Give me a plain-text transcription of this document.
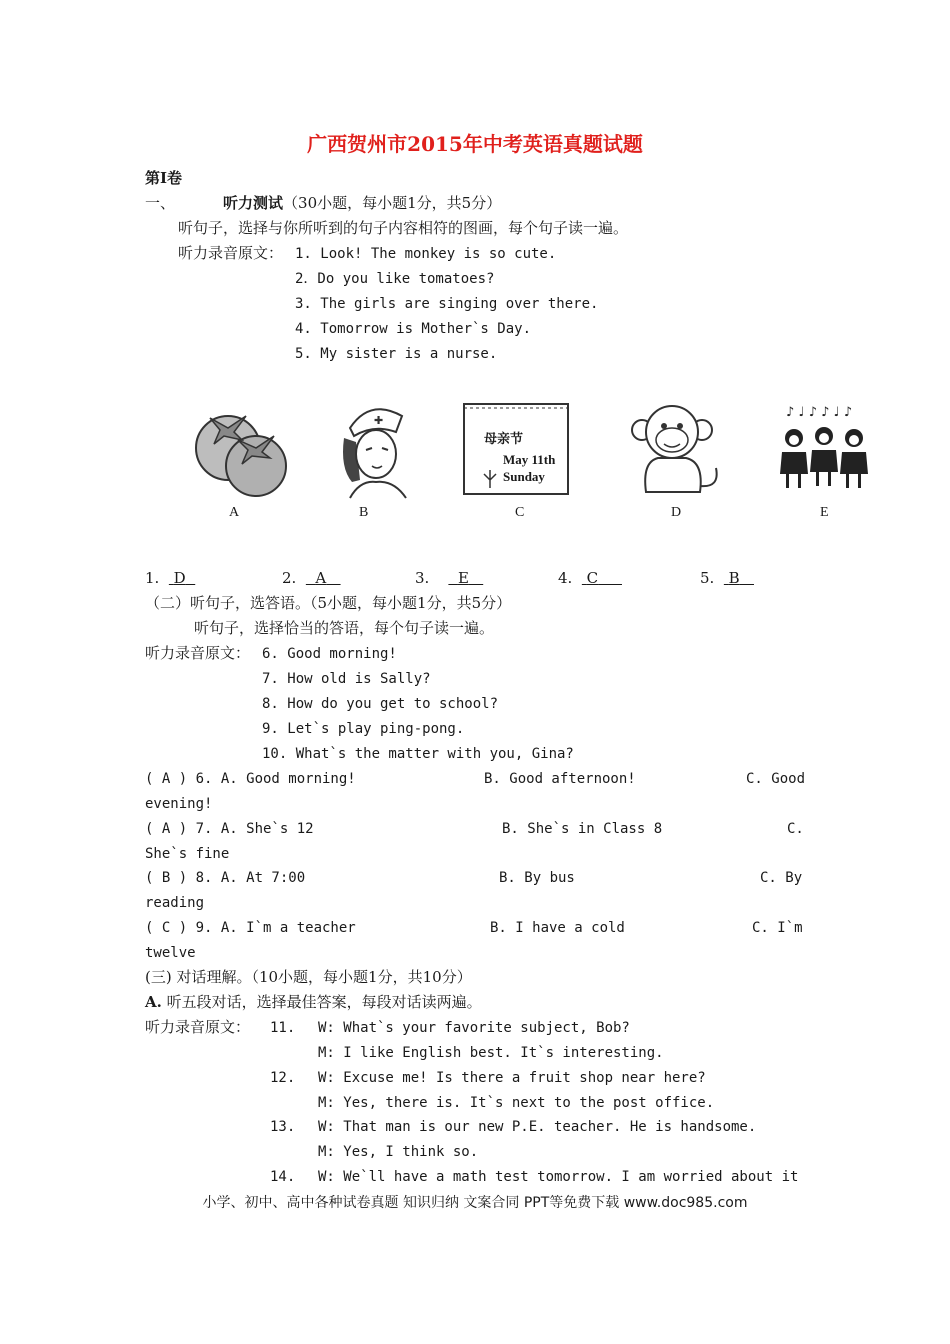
广西贺州市2015年中考英语真题试题
第Ⅰ卷
一、	听力测试（30小题，每小题1分，共5分）
听句子，选择与你所听到的句子内容相符的图画，每个句子读一遍。
听力录音原文： 1. Look! The monkey is so cute.
2．Do you like tomatoes?
3. The girls are singing over there.
4. Tomorrow is Mother`s Day.
5. My sister is a nurse.
A
✚
B
母亲节
May 11th
Sunday
C	D
♪ ♩ ♪ ♪ ♩ ♪
E
1. D	2. A	3. E	4. C	5. B
（二）听句子，选答语。（5小题，每小题1分，共5分）
听句子，选择恰当的答语，每个句子读一遍。
听力录音原文： 6. Good morning!
7. How old is Sally?
8. How do you get to school?
9. Let`s play ping-pong.
10. What`s the matter with you, Gina?
( A ) 6. A. Good morning!	B. Good afternoon!	C. Good
evening!
( A ) 7. A. She`s 12	B. She`s in Class 8	C.
She`s fine
( B ) 8. A. At 7:00	B. By bus	C. By
reading
( C ) 9. A. I`m a teacher	B. I have a cold	C. I`m
twelve
(三) 对话理解。（10小题，每小题1分，共10分）
A. 听五段对话，选择最佳答案，每段对话读两遍。
听力录音原文： 11. W: What`s your favorite subject, Bob?
M: I like English best. It`s interesting.
12. W: Excuse me! Is there a fruit shop near here?
M: Yes, there is. It`s next to the post office.
13. W: That man is our new P.E. teacher. He is handsome.
M: Yes, I think so.
14. W: We`ll have a math test tomorrow. I am worried about it
小学、初中、高中各种试卷真题 知识归纳 文案合同 PPT等免费下载 www.doc985.com
